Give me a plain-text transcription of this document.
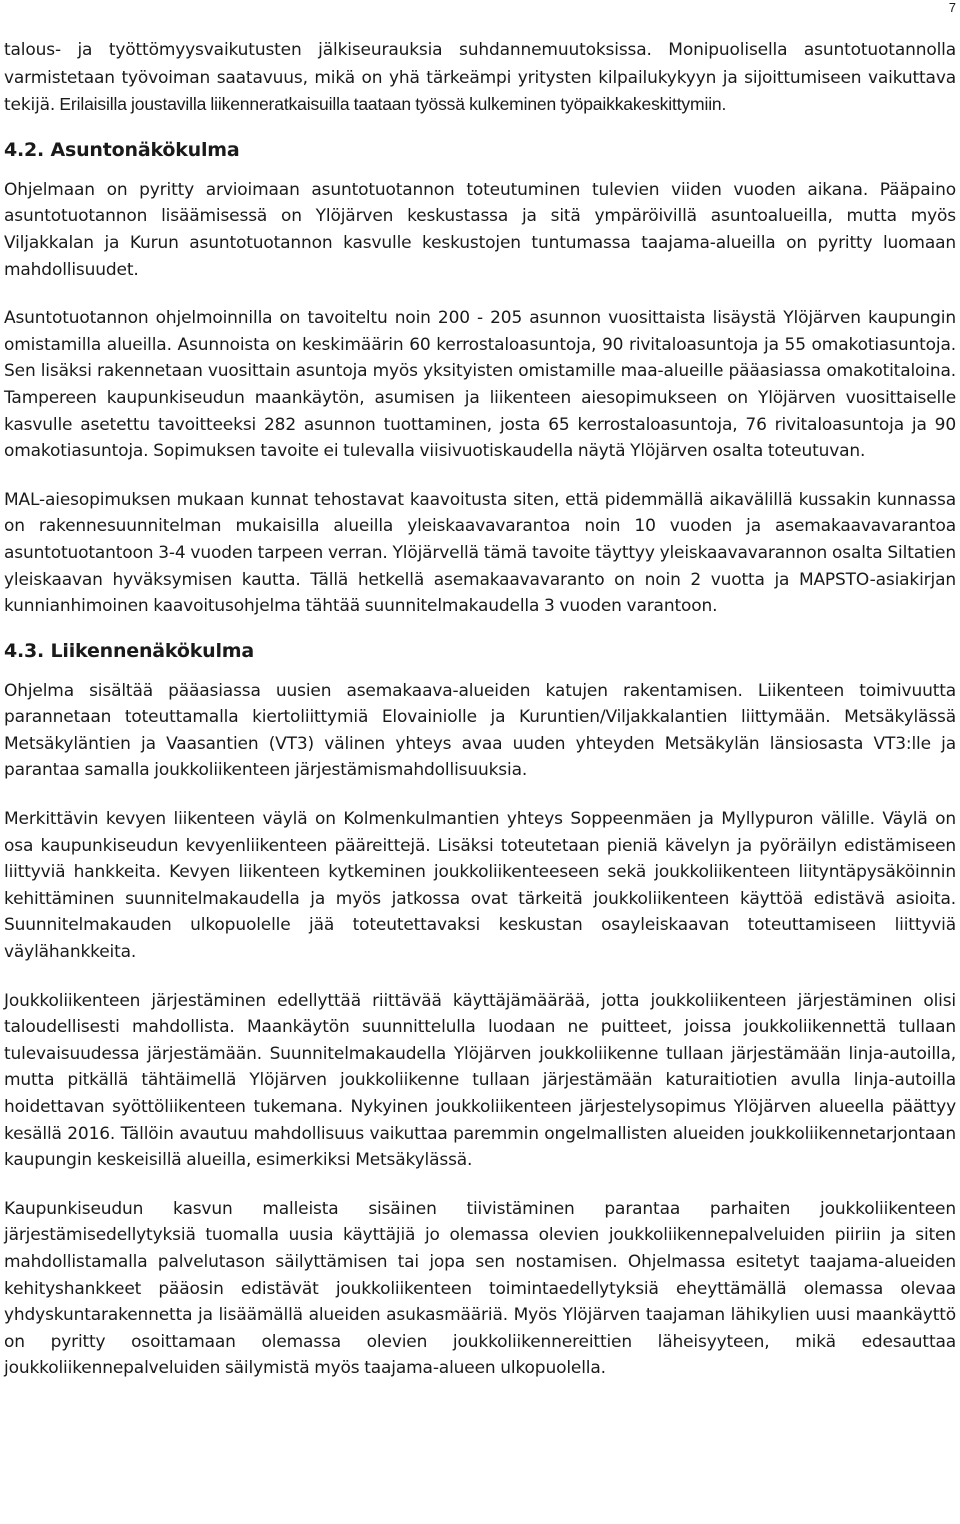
7

talous- ja työttömyysvaikutusten jälkiseurauksia suhdannemuutoksissa. Monipuolisella asuntotuotannolla varmistetaan työvoiman saatavuus, mikä on yhä tärkeämpi yritysten kilpailukykyyn ja sijoittumiseen vaikuttava tekijä. Erilaisilla joustavilla liikenneratkaisuilla taataan työssä kulkeminen työpaikkakeskittymiin.

4.2. Asuntonäkökulma

Ohjelmaan on pyritty arvioimaan asuntotuotannon toteutuminen tulevien viiden vuoden aikana. Pääpaino asuntotuotannon lisäämisessä on Ylöjärven keskustassa ja sitä ympäröivillä asuntoalueilla, mutta myös Viljakkalan ja Kurun asuntotuotannon kasvulle keskustojen tuntumassa taajama-alueilla on pyritty luomaan mahdollisuudet.

Asuntotuotannon ohjelmoinnilla on tavoiteltu noin 200 - 205 asunnon vuosittaista lisäystä Ylöjärven kaupungin omistamilla alueilla. Asunnoista on keskimäärin 60 kerrostaloasuntoja, 90 rivitaloasuntoja ja 55 omakotiasuntoja. Sen lisäksi rakennetaan vuosittain asuntoja myös yksityisten omistamille maa-alueille pääasiassa omakotitaloina. Tampereen kaupunkiseudun maankäytön, asumisen ja liikenteen aiesopimukseen on Ylöjärven vuosittaiselle kasvulle asetettu tavoitteeksi 282 asunnon tuottaminen, josta 65 kerrostaloasuntoja, 76 rivitaloasuntoja ja 90 omakotiasuntoja. Sopimuksen tavoite ei tulevalla viisivuotiskaudella näytä Ylöjärven osalta toteutuvan.

MAL-aiesopimuksen mukaan kunnat tehostavat kaavoitusta siten, että pidemmällä aikavälillä kussakin kunnassa on rakennesuunnitelman mukaisilla alueilla yleiskaavavarantoa noin 10 vuoden ja asemakaavavarantoa asuntotuotantoon 3-4 vuoden tarpeen verran. Ylöjärvellä tämä tavoite täyttyy yleiskaavavarannon osalta Siltatien yleiskaavan hyväksymisen kautta. Tällä hetkellä asemakaavavaranto on noin 2 vuotta ja MAPSTO-asiakirjan kunnianhimoinen kaavoitusohjelma tähtää suunnitelmakaudella 3 vuoden varantoon.

4.3. Liikennenäkökulma

Ohjelma sisältää pääasiassa uusien asemakaava-alueiden katujen rakentamisen. Liikenteen toimivuutta parannetaan toteuttamalla kiertoliittymiä Elovainiolle ja Kuruntien/Viljakkalantien liittymään. Metsäkylässä Metsäkyläntien ja Vaasantien (VT3) välinen yhteys avaa uuden yhteyden Metsäkylän länsiosasta VT3:lle ja parantaa samalla joukkoliikenteen järjestämismahdollisuuksia.

Merkittävin kevyen liikenteen väylä on Kolmenkulmantien yhteys Soppeenmäen ja Myllypuron välille. Väylä on osa kaupunkiseudun kevyenliikenteen pääreittejä. Lisäksi toteutetaan pieniä kävelyn ja pyöräilyn edistämiseen liittyviä hankkeita. Kevyen liikenteen kytkeminen joukkoliikenteeseen sekä joukkoliikenteen liityntäpysäköinnin kehittäminen suunnitelmakaudella ja myös jatkossa ovat tärkeitä joukkoliikenteen käyttöä edistävä asioita. Suunnitelmakauden ulkopuolelle jää toteutettavaksi keskustan osayleiskaavan toteuttamiseen liittyviä väylähankkeita.

Joukkoliikenteen järjestäminen edellyttää riittävää käyttäjämäärää, jotta joukkoliikenteen järjestäminen olisi taloudellisesti mahdollista. Maankäytön suunnittelulla luodaan ne puitteet, joissa joukkoliikennettä tullaan tulevaisuudessa järjestämään. Suunnitelmakaudella Ylöjärven joukkoliikenne tullaan järjestämään linja-autoilla, mutta pitkällä tähtäimellä Ylöjärven joukkoliikenne tullaan järjestämään katuraitiotien avulla linja-autoilla hoidettavan syöttöliikenteen tukemana. Nykyinen joukkoliikenteen järjestelysopimus Ylöjärven alueella päättyy kesällä 2016. Tällöin avautuu mahdollisuus vaikuttaa paremmin ongelmallisten alueiden joukkoliikennetarjontaan kaupungin keskeisillä alueilla, esimerkiksi Metsäkylässä.

Kaupunkiseudun kasvun malleista sisäinen tiivistäminen parantaa parhaiten joukkoliikenteen järjestämisedellytyksiä tuomalla uusia käyttäjiä jo olemassa olevien joukkoliikennepalveluiden piiriin ja siten mahdollistamalla palvelutason säilyttämisen tai jopa sen nostamisen. Ohjelmassa esitetyt taajama-alueiden kehityshankkeet pääosin edistävät joukkoliikenteen toimintaedellytyksiä eheyttämällä olemassa olevaa yhdyskuntarakennetta ja lisäämällä alueiden asukasmääriä. Myös Ylöjärven taajaman lähikylien uusi maankäyttö on pyritty osoittamaan olemassa olevien joukkoliikennereittien läheisyyteen, mikä edesauttaa joukkoliikennepalveluiden säilymistä myös taajama-alueen ulkopuolella.
